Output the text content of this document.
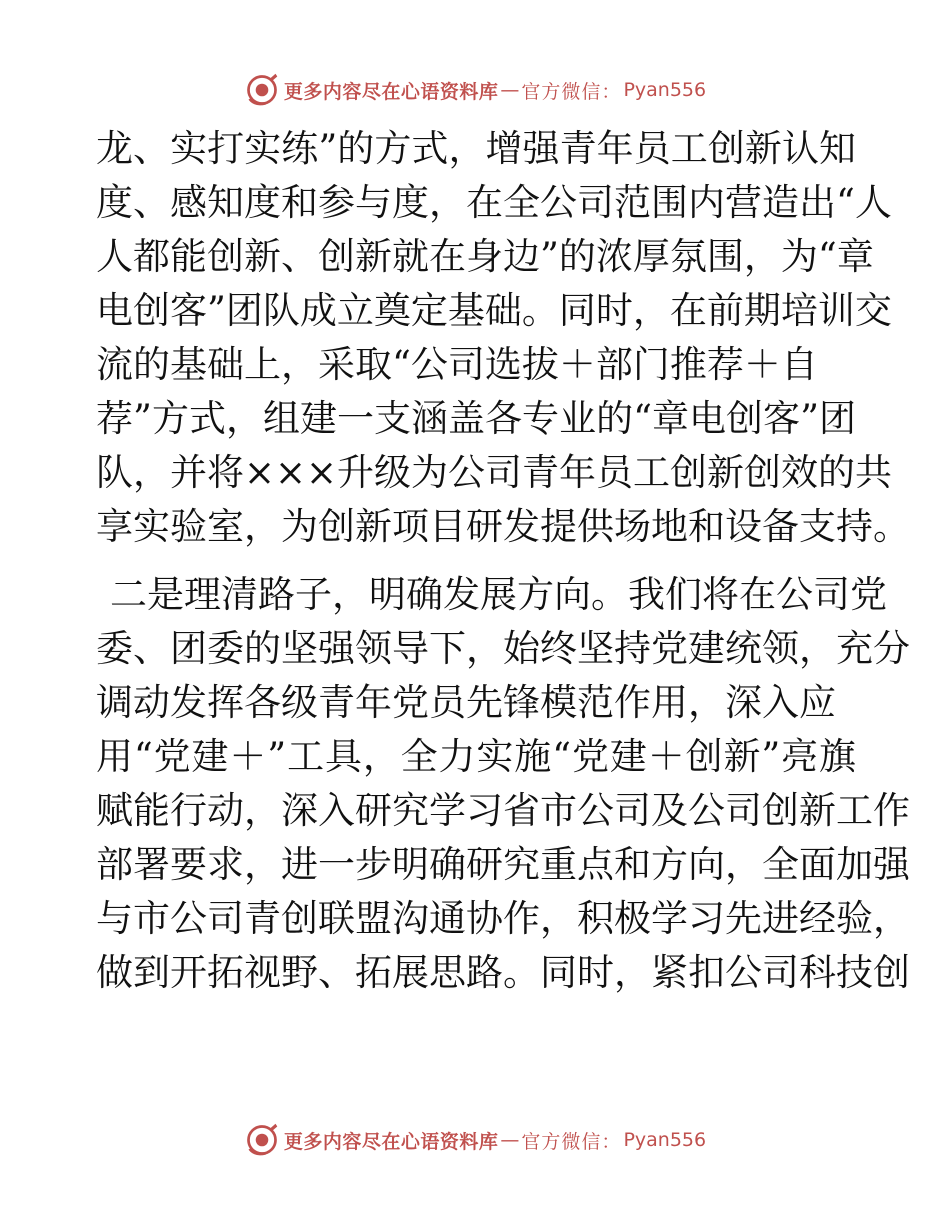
更多内容尽在心语资料库 — 官方微信： Pyan556
龙、实打实练”的方式，增强青年员工创新认知
度、感知度和参与度，在全公司范围内营造出“人
人都能创新、创新就在身边”的浓厚氛围，为“章
电创客”团队成立奠定基础。同时，在前期培训交
流的基础上，采取“公司选拔＋部门推荐＋自
荐”方式，组建一支涵盖各专业的“章电创客”团
队，并将×××升级为公司青年员工创新创效的共
享实验室，为创新项目研发提供场地和设备支持。
二是理清路子，明确发展方向。我们将在公司党
委、团委的坚强领导下，始终坚持党建统领，充分
调动发挥各级青年党员先锋模范作用，深入应
用“党建＋”工具，全力实施“党建＋创新”亮旗
赋能行动，深入研究学习省市公司及公司创新工作
部署要求，进一步明确研究重点和方向，全面加强
与市公司青创联盟沟通协作，积极学习先进经验，
做到开拓视野、拓展思路。同时，紧扣公司科技创
更多内容尽在心语资料库 — 官方微信： Pyan556
